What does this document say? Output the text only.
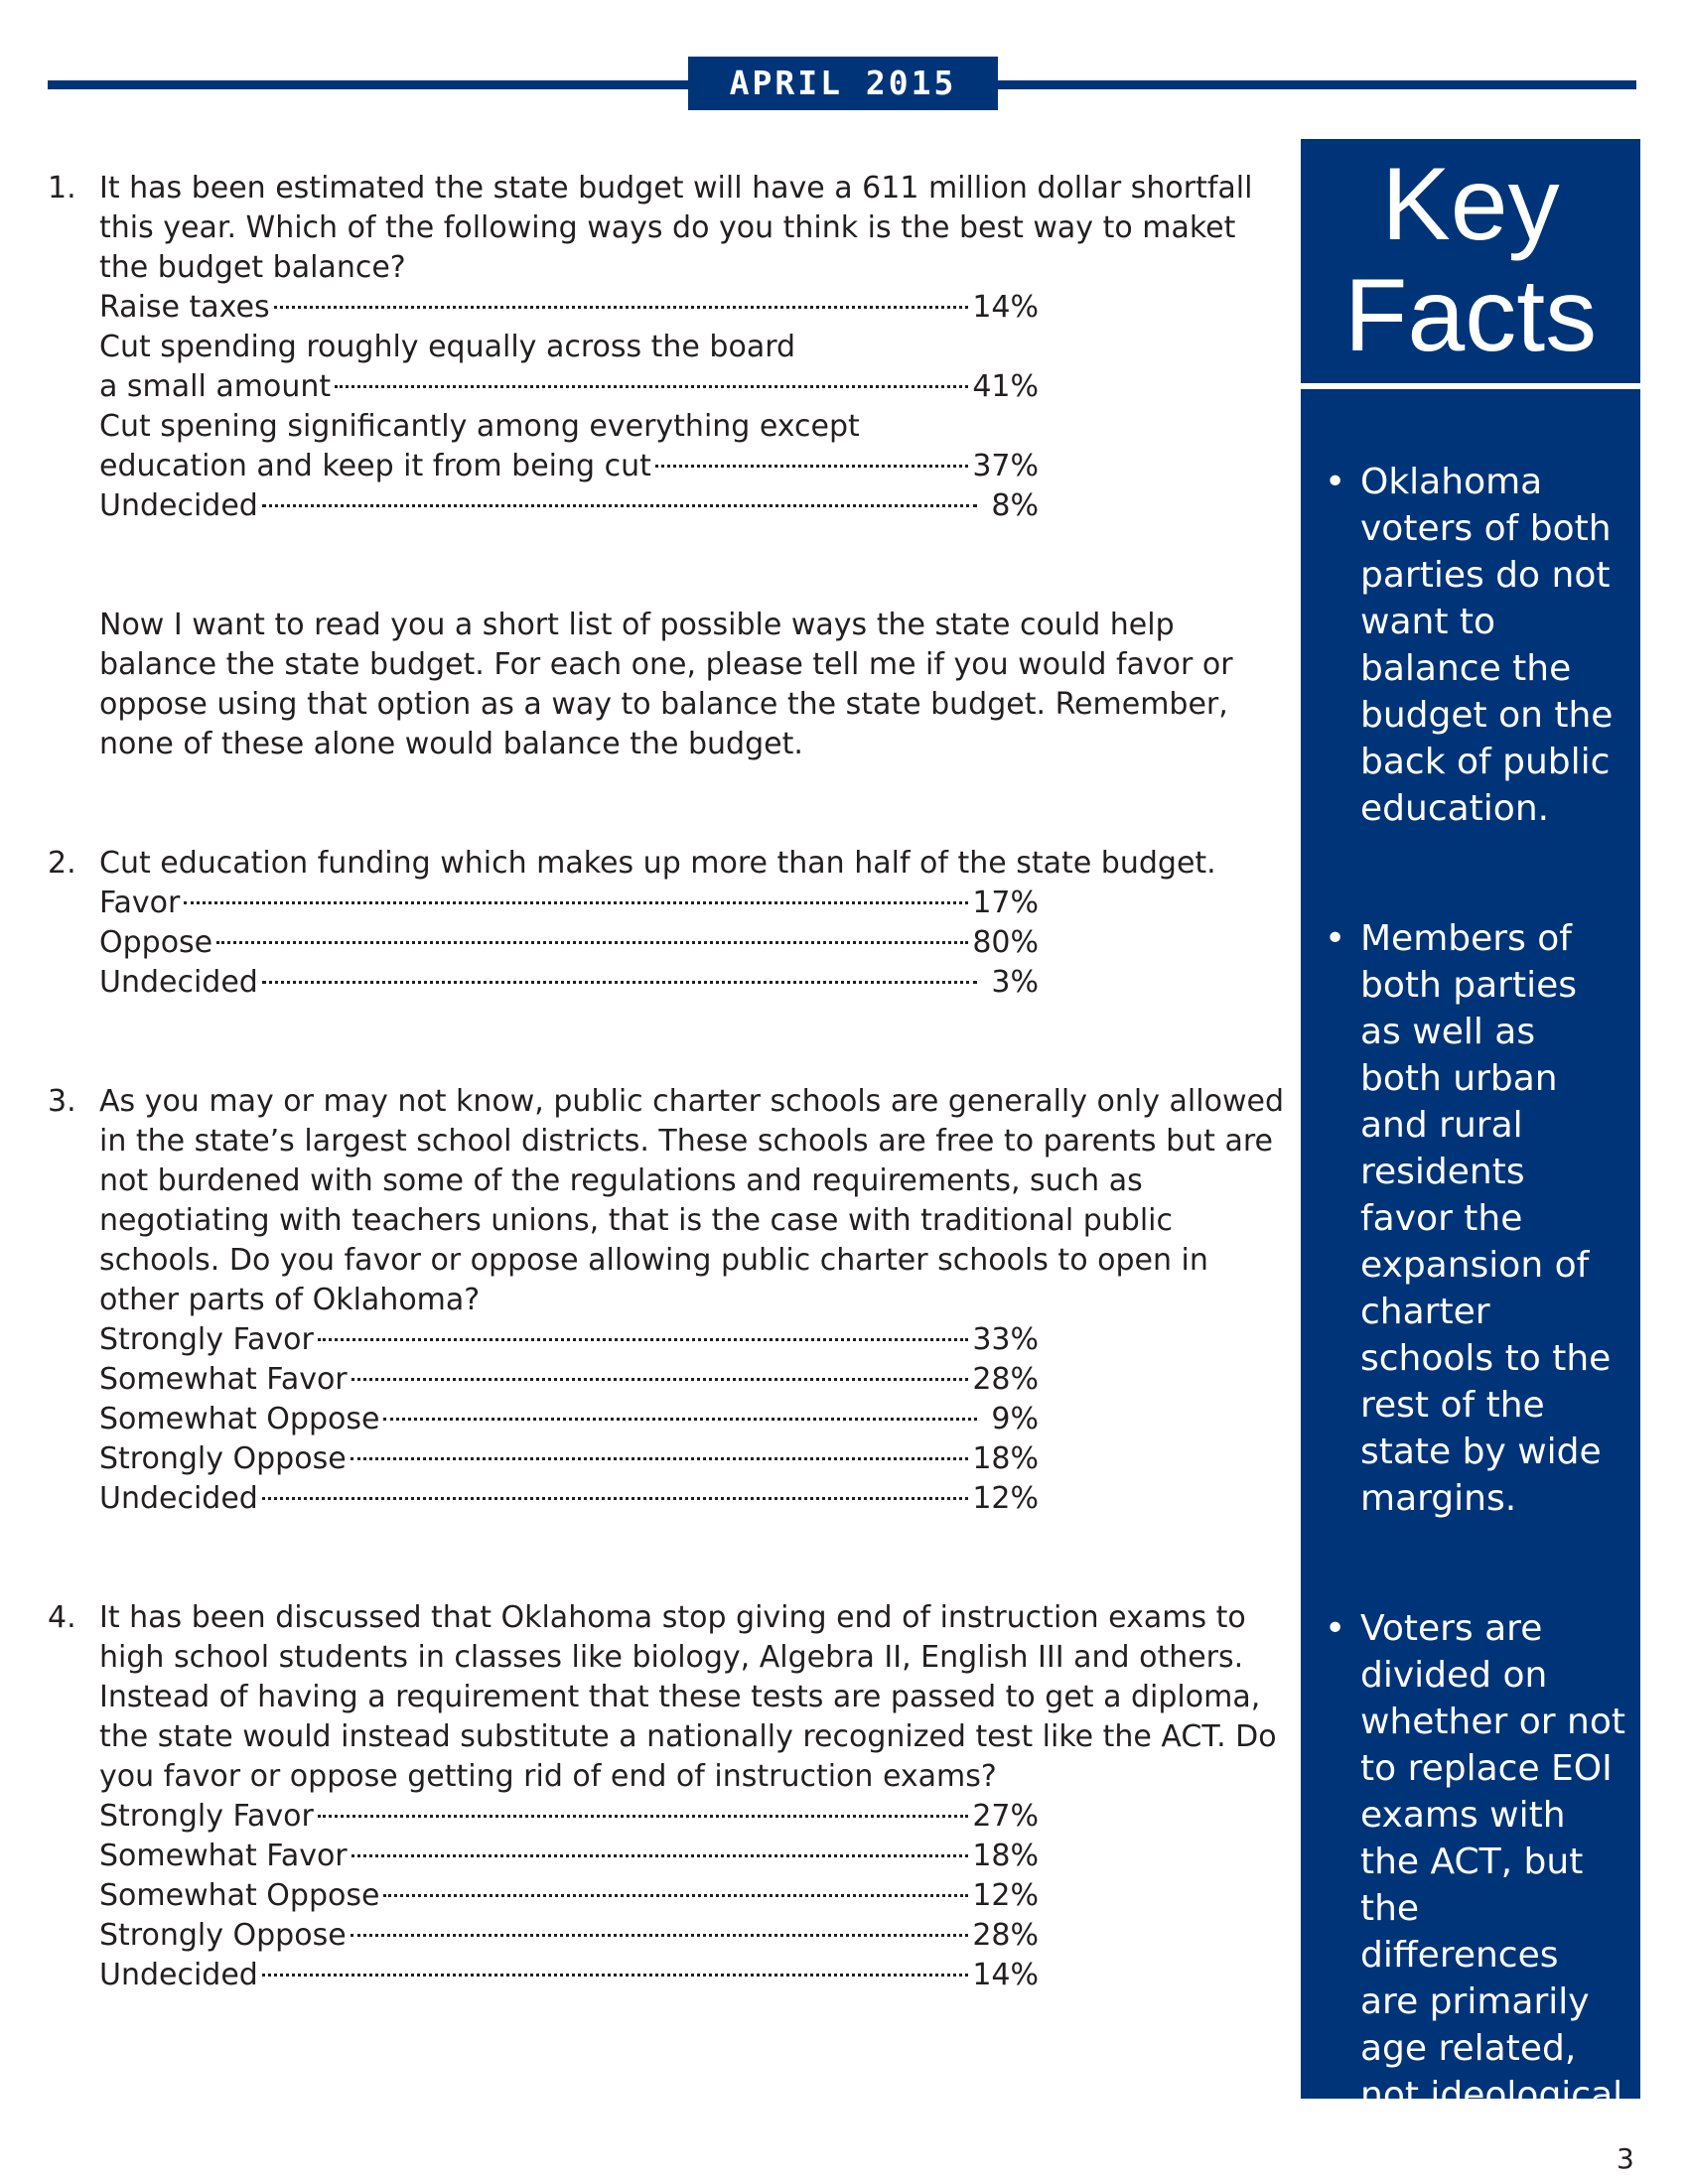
APRIL 2015
1. It has been estimated the state budget will have a 611 million dollar shortfall this year. Which of the following ways do you think is the best way to maket the budget balance?

Raise taxes	14%
Cut spending roughly equally across the board
a small amount	41%
Cut spening significantly among everything except
education and keep it from being cut	37%
Undecided	8%

Now I want to read you a short list of possible ways the state could help balance the state budget. For each one, please tell me if you would favor or oppose using that option as a way to balance the state budget. Remember, none of these alone would balance the budget.

2. Cut education funding which makes up more than half of the state budget.

Favor	17%
Oppose	80%
Undecided	3%
3. As you may or may not know, public charter schools are generally only allowed in the state’s largest school districts. These schools are free to parents but are not burdened with some of the regulations and requirements, such as negotiating with teachers unions, that is the case with traditional public schools. Do you favor or oppose allowing public charter schools to open in other parts of Oklahoma?

Strongly Favor	33%
Somewhat Favor	28%
Somewhat Oppose	9%
Strongly Oppose	18%
Undecided	12%
4. It has been discussed that Oklahoma stop giving end of instruction exams to high school students in classes like biology, Algebra II, English III and others. Instead of having a requirement that these tests are passed to get a diploma, the state would instead substitute a nationally recognized test like the ACT. Do you favor or oppose getting rid of end of instruction exams?

Strongly Favor	27%
Somewhat Favor	18%
Somewhat Oppose	12%
Strongly Oppose	28%
Undecided	14%
Key
Facts
• Oklahoma voters of both parties do not want to balance the budget on the back of public education.
• Members of both parties as well as both urban and rural residents favor the expansion of charter schools to the rest of the state by wide margins.
• Voters are divided on whether or not to replace EOI exams with the ACT, but the differences are primarily age related, not ideological or partisan.	3
